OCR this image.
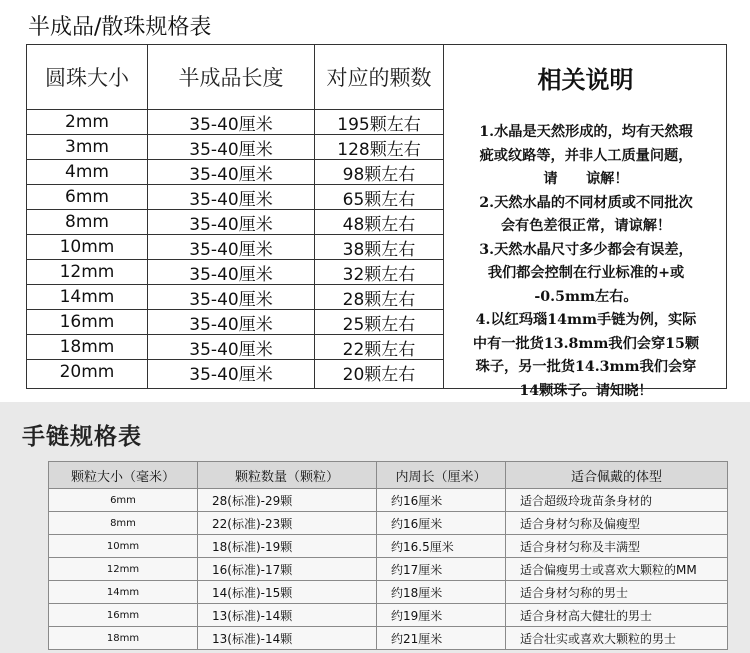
半成品/散珠规格表
圆珠大小	半成品长度	对应的颗数	相关说明
2mm	35-40厘米	195颗左右
3mm	35-40厘米	128颗左右
4mm	35-40厘米	98颗左右
6mm	35-40厘米	65颗左右
8mm	35-40厘米	48颗左右
10mm	35-40厘米	38颗左右
12mm	35-40厘米	32颗左右
14mm	35-40厘米	28颗左右
16mm	35-40厘米	25颗左右
18mm	35-40厘米	22颗左右
20mm	35-40厘米	20颗左右
1.水晶是天然形成的，均有天然瑕
疵或纹路等，并非人工质量问题，
请　　谅解！
2.天然水晶的不同材质或不同批次
会有色差很正常，请谅解！
3.天然水晶尺寸多少都会有误差，
我们都会控制在行业标准的+或
-0.5mm左右。
4.以红玛瑙14mm手链为例，实际
中有一批货13.8mm我们会穿15颗
珠子，另一批货14.3mm我们会穿
14颗珠子。请知晓！
手链规格表
颗粒大小（毫米）	颗粒数量（颗粒）	内周长（厘米）	适合佩戴的体型
6mm	28(标准)-29颗	约16厘米	适合超级玲珑苗条身材的
8mm	22(标准)-23颗	约16厘米	适合身材匀称及偏瘦型
10mm	18(标准)-19颗	约16.5厘米	适合身材匀称及丰满型
12mm	16(标准)-17颗	约17厘米	适合偏瘦男士或喜欢大颗粒的MM
14mm	14(标准)-15颗	约18厘米	适合身材匀称的男士
16mm	13(标准)-14颗	约19厘米	适合身材高大健壮的男士
18mm	13(标准)-14颗	约21厘米	适合壮实或喜欢大颗粒的男士
